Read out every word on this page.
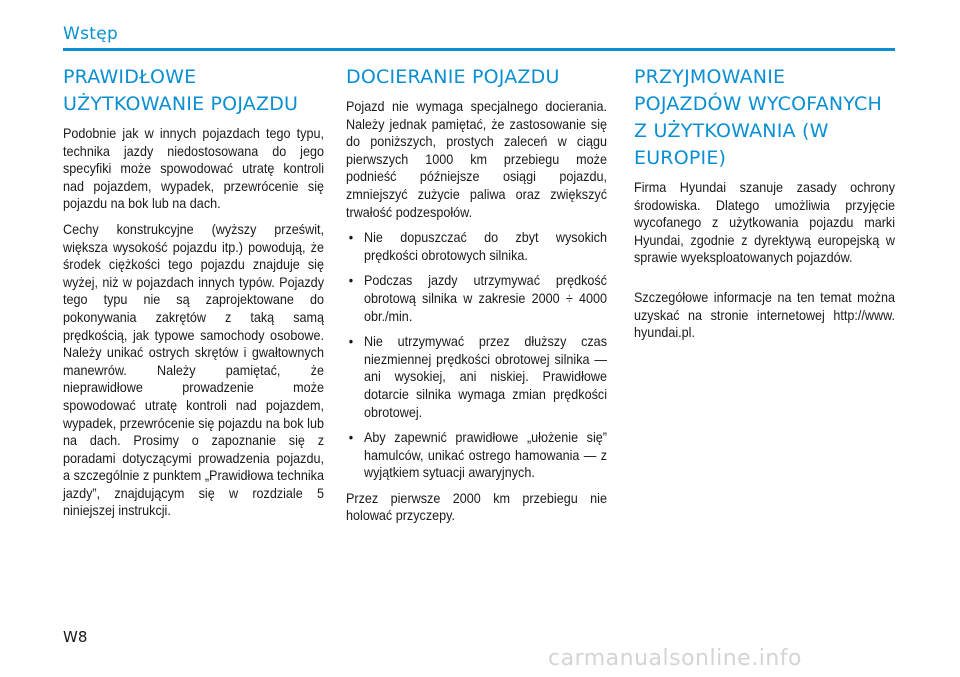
Wstęp
PRAWIDŁOWE UŻYTKOWANIE POJAZDU

Podobnie jak w innych pojazdach tego typu, technika jazdy niedostosowana do jego specyfiki może spowodować utratę kontroli nad pojazdem, wypadek, przewrócenie się pojazdu na bok lub na dach.

Cechy konstrukcyjne (wyższy prześwit, większa wysokość pojazdu itp.) powodują, że środek ciężkości tego pojazdu znajduje się wyżej, niż w pojazdach innych typów. Pojazdy tego typu nie są zaprojektowane do pokonywania zakrętów z taką samą prędkością, jak typowe samochody osobowe. Należy unikać ostrych skrętów i gwałtownych manewrów. Należy pamiętać, że nieprawidłowe prowadzenie może spowodować utratę kontroli nad pojazdem, wypadek, przewrócenie się pojazdu na bok lub na dach. Prosimy o zapoznanie się z poradami dotyczącymi prowadzenia pojazdu, a szczególnie z punktem „Prawidłowa technika jazdy”, znajdującym się w rozdziale 5 niniejszej instrukcji.

DOCIERANIE POJAZDU

Pojazd nie wymaga specjalnego docierania. Należy jednak pamiętać, że zastosowanie się do poniższych, prostych zaleceń w ciągu pierwszych 1000 km przebiegu może podnieść późniejsze osiągi pojazdu, zmniejszyć zużycie paliwa oraz zwiększyć trwałość podzespołów.

• Nie dopuszczać do zbyt wysokich prędkości obrotowych silnika.
• Podczas jazdy utrzymywać prędkość obrotową silnika w zakresie 2000 ÷ 4000 obr./min.
• Nie utrzymywać przez dłuższy czas niezmiennej prędkości obrotowej silnika — ani wysokiej, ani niskiej. Prawidłowe dotarcie silnika wymaga zmian prędkości obrotowej.
• Aby zapewnić prawidłowe „ułożenie się” hamulców, unikać ostrego hamowania — z wyjątkiem sytuacji awaryjnych.

Przez pierwsze 2000 km przebiegu nie holować przyczepy.

PRZYJMOWANIE POJAZDÓW WYCOFANYCH Z UŻYTKOWANIA (W EUROPIE)

Firma Hyundai szanuje zasady ochrony środowiska. Dlatego umożliwia przyjęcie wycofanego z użytkowania pojazdu marki Hyundai, zgodnie z dyrektywą europejską w sprawie wyeksploatowanych pojazdów.

Szczegółowe informacje na ten temat można uzyskać na stronie internetowej http://www. hyundai.pl.

W8
carmanualsonline.info
